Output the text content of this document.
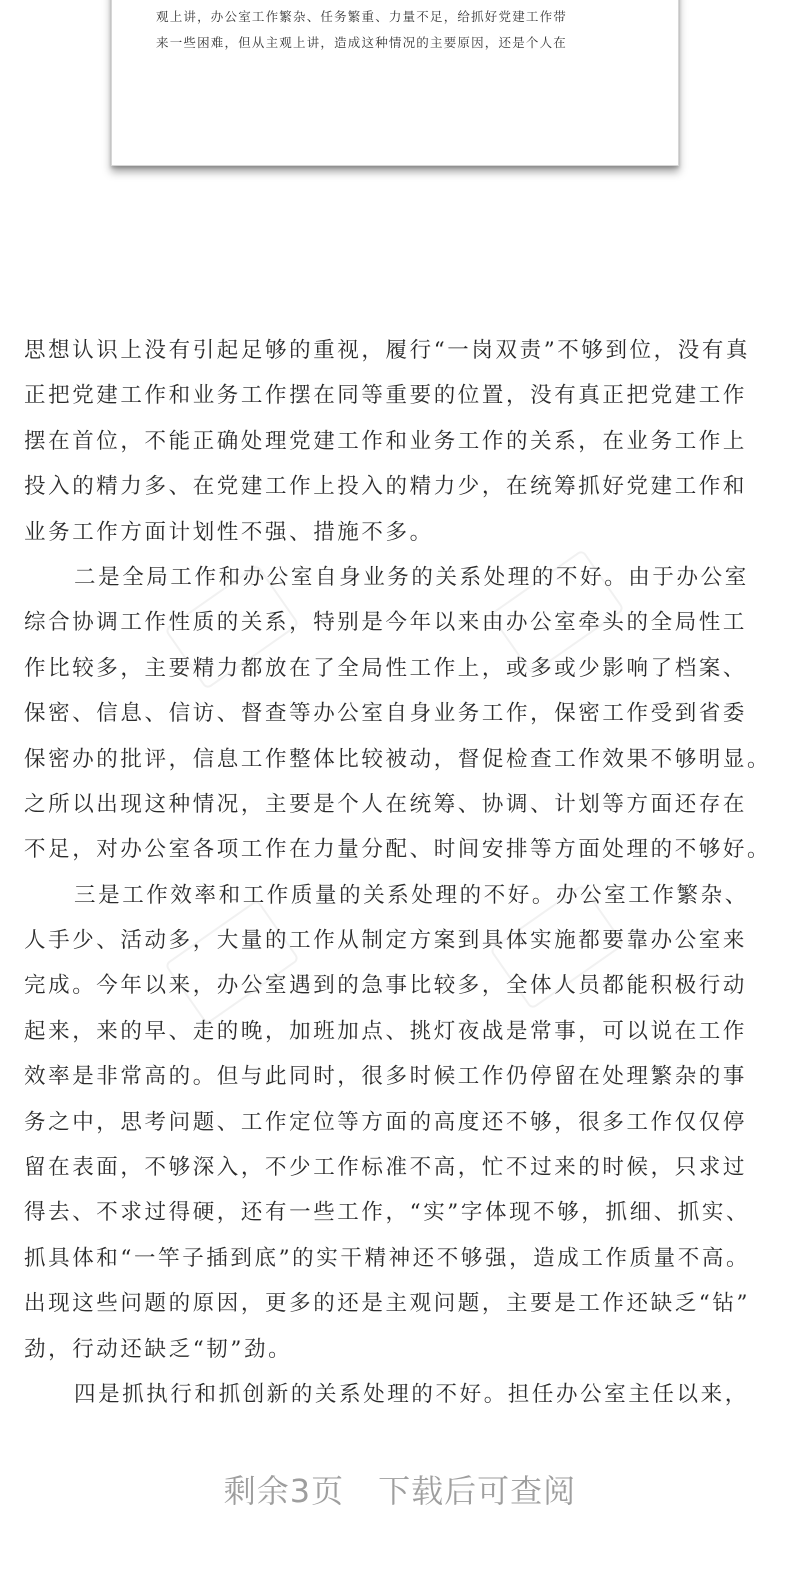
观上讲，办公室工作繁杂、任务繁重、力量不足，给抓好党建工作带
来一些困难，但从主观上讲，造成这种情况的主要原因，还是个人在
思想认识上没有引起足够的重视，履行“一岗双责”不够到位，没有真
正把党建工作和业务工作摆在同等重要的位置，没有真正把党建工作
摆在首位，不能正确处理党建工作和业务工作的关系，在业务工作上
投入的精力多、在党建工作上投入的精力少，在统筹抓好党建工作和
业务工作方面计划性不强、措施不多。
二是全局工作和办公室自身业务的关系处理的不好。由于办公室
综合协调工作性质的关系，特别是今年以来由办公室牵头的全局性工
作比较多，主要精力都放在了全局性工作上，或多或少影响了档案、
保密、信息、信访、督查等办公室自身业务工作，保密工作受到省委
保密办的批评，信息工作整体比较被动，督促检查工作效果不够明显。
之所以出现这种情况，主要是个人在统筹、协调、计划等方面还存在
不足，对办公室各项工作在力量分配、时间安排等方面处理的不够好。
三是工作效率和工作质量的关系处理的不好。办公室工作繁杂、
人手少、活动多，大量的工作从制定方案到具体实施都要靠办公室来
完成。今年以来，办公室遇到的急事比较多，全体人员都能积极行动
起来，来的早、走的晚，加班加点、挑灯夜战是常事，可以说在工作
效率是非常高的。但与此同时，很多时候工作仍停留在处理繁杂的事
务之中，思考问题、工作定位等方面的高度还不够，很多工作仅仅停
留在表面，不够深入，不少工作标准不高，忙不过来的时候，只求过
得去、不求过得硬，还有一些工作，“实”字体现不够，抓细、抓实、
抓具体和“一竿子插到底”的实干精神还不够强，造成工作质量不高。
出现这些问题的原因，更多的还是主观问题，主要是工作还缺乏“钻”
劲，行动还缺乏“韧”劲。
四是抓执行和抓创新的关系处理的不好。担任办公室主任以来，
剩余3页 下载后可查阅
